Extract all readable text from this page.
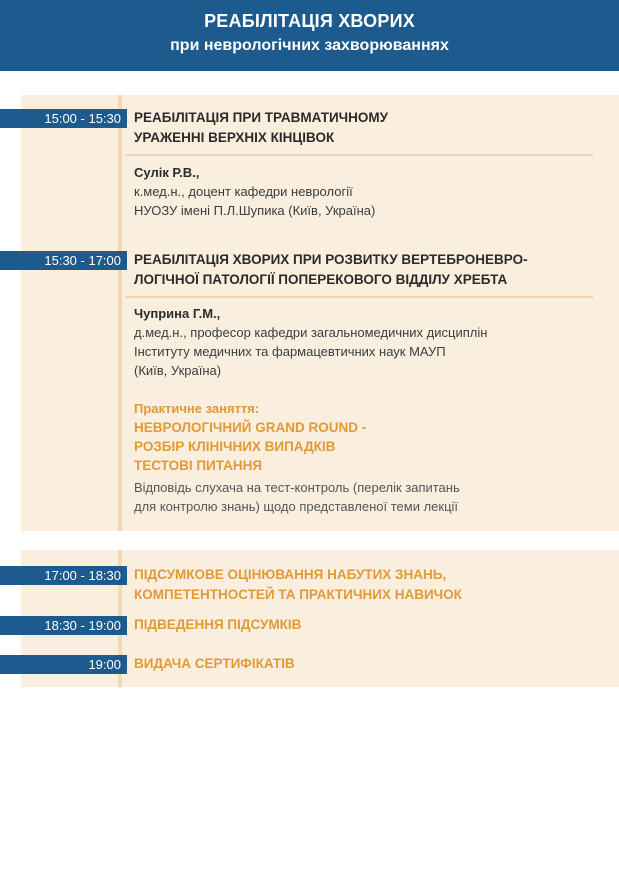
РЕАБІЛІТАЦІЯ ХВОРИХ
при неврологічних захворюваннях
15:00 - 15:30 РЕАБІЛІТАЦІЯ ПРИ ТРАВМАТИЧНОМУ
УРАЖЕННІ ВЕРХНІХ КІНЦІВОК
Сулік Р.В.,
к.мед.н., доцент кафедри неврології
НУОЗУ імені П.Л.Шупика (Київ, Україна)
15:30 - 17:00 РЕАБІЛІТАЦІЯ ХВОРИХ ПРИ РОЗВИТКУ ВЕРТЕБРОНЕВРО-
ЛОГІЧНОЇ ПАТОЛОГІЇ ПОПЕРЕКОВОГО ВІДДІЛУ ХРЕБТА
Чуприна Г.М.,
д.мед.н., професор кафедри загальномедичних дисциплін
Інституту медичних та фармацевтичних наук МАУП
(Київ, Україна)
Практичне заняття:
НЕВРОЛОГІЧНИЙ GRAND ROUND -
РОЗБІР КЛІНІЧНИХ ВИПАДКІВ
ТЕСТОВІ ПИТАННЯ
Відповідь слухача на тест-контроль (перелік запитань
для контролю знань) щодо представленої теми лекції
17:00 - 18:30 ПІДСУМКОВЕ ОЦІНЮВАННЯ НАБУТИХ ЗНАНЬ,
КОМПЕТЕНТНОСТЕЙ ТА ПРАКТИЧНИХ НАВИЧОК
18:30 - 19:00 ПІДВЕДЕННЯ ПІДСУМКІВ
19:00 ВИДАЧА СЕРТИФІКАТІВ
